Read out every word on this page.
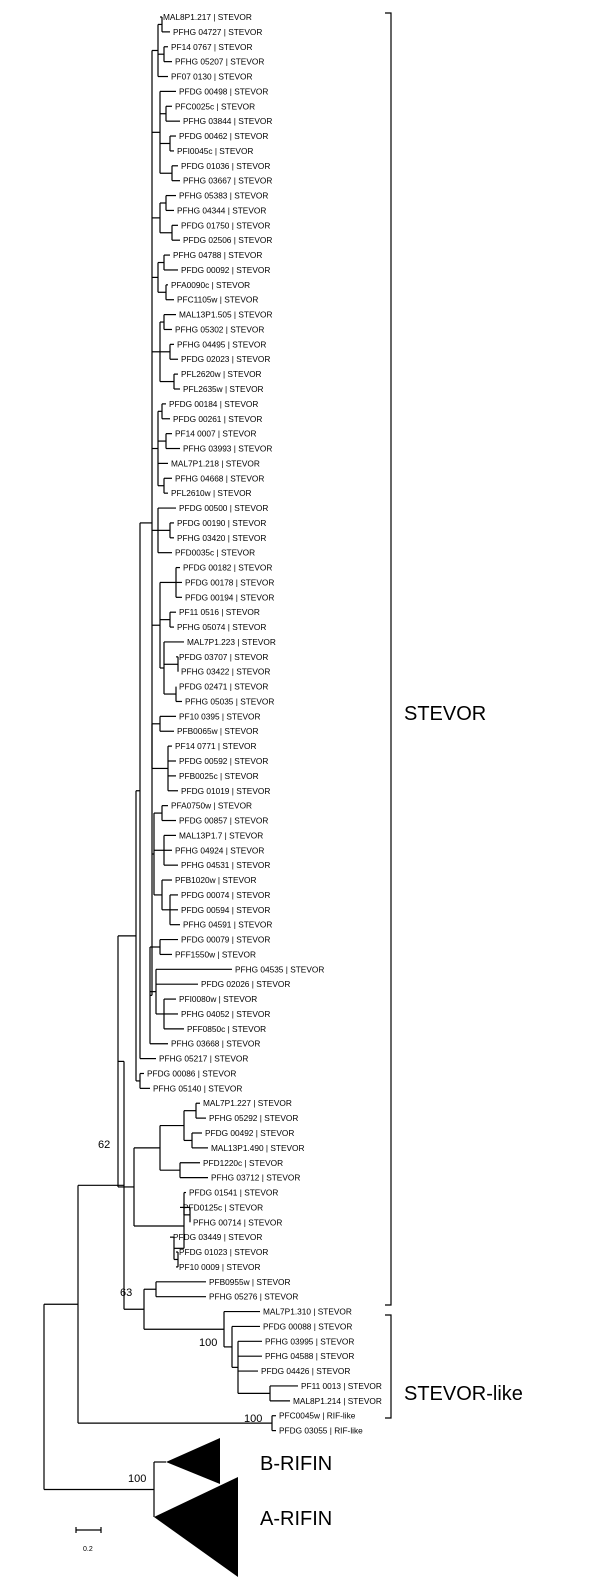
MAL8P1.217 | STEVOR
PFHG 04727 | STEVOR
PF14 0767 | STEVOR
PFHG 05207 | STEVOR
PF07 0130 | STEVOR
PFDG 00498 | STEVOR
PFC0025c | STEVOR
PFHG 03844 | STEVOR
PFDG 00462 | STEVOR
PFI0045c | STEVOR
PFDG 01036 | STEVOR
PFHG 03667 | STEVOR
PFHG 05383 | STEVOR
PFHG 04344 | STEVOR
PFDG 01750 | STEVOR
PFDG 02506 | STEVOR
PFHG 04788 | STEVOR
PFDG 00092 | STEVOR
PFA0090c | STEVOR
PFC1105w | STEVOR
MAL13P1.505 | STEVOR
PFHG 05302 | STEVOR
PFHG 04495 | STEVOR
PFDG 02023 | STEVOR
PFL2620w | STEVOR
PFL2635w | STEVOR
PFDG 00184 | STEVOR
PFDG 00261 | STEVOR
PF14 0007 | STEVOR
PFHG 03993 | STEVOR
MAL7P1.218 | STEVOR
PFHG 04668 | STEVOR
PFL2610w | STEVOR
PFDG 00500 | STEVOR
PFDG 00190 | STEVOR
PFHG 03420 | STEVOR
PFD0035c | STEVOR
PFDG 00182 | STEVOR
PFDG 00178 | STEVOR
PFDG 00194 | STEVOR
PF11 0516 | STEVOR
PFHG 05074 | STEVOR
MAL7P1.223 | STEVOR
PFDG 03707 | STEVOR
PFHG 03422 | STEVOR
PFDG 02471 | STEVOR
PFHG 05035 | STEVOR
PF10 0395 | STEVOR
PFB0065w | STEVOR
PF14 0771 | STEVOR
PFDG 00592 | STEVOR
PFB0025c | STEVOR
PFDG 01019 | STEVOR
PFA0750w | STEVOR
PFDG 00857 | STEVOR
MAL13P1.7 | STEVOR
PFHG 04924 | STEVOR
PFHG 04531 | STEVOR
PFB1020w | STEVOR
PFDG 00074 | STEVOR
PFDG 00594 | STEVOR
PFHG 04591 | STEVOR
PFDG 00079 | STEVOR
PFF1550w | STEVOR
PFHG 04535 | STEVOR
PFDG 02026 | STEVOR
PFI0080w | STEVOR
PFHG 04052 | STEVOR
PFF0850c | STEVOR
PFHG 03668 | STEVOR
PFHG 05217 | STEVOR
PFDG 00086 | STEVOR
PFHG 05140 | STEVOR
MAL7P1.227 | STEVOR
PFHG 05292 | STEVOR
PFDG 00492 | STEVOR
MAL13P1.490 | STEVOR
PFD1220c | STEVOR
PFHG 03712 | STEVOR
PFDG 01541 | STEVOR
PFD0125c | STEVOR
PFHG 00714 | STEVOR
PFDG 03449 | STEVOR
PFDG 01023 | STEVOR
PF10 0009 | STEVOR
PFB0955w | STEVOR
PFHG 05276 | STEVOR
MAL7P1.310 | STEVOR
PFDG 00088 | STEVOR
PFHG 03995 | STEVOR
PFHG 04588 | STEVOR
PFDG 04426 | STEVOR
PF11 0013 | STEVOR
MAL8P1.214 | STEVOR
PFC0045w | RIF-like
PFDG 03055 | RIF-like
62
63
100
100
100
B-RIFIN
A-RIFIN
STEVOR
STEVOR-like
0.2
